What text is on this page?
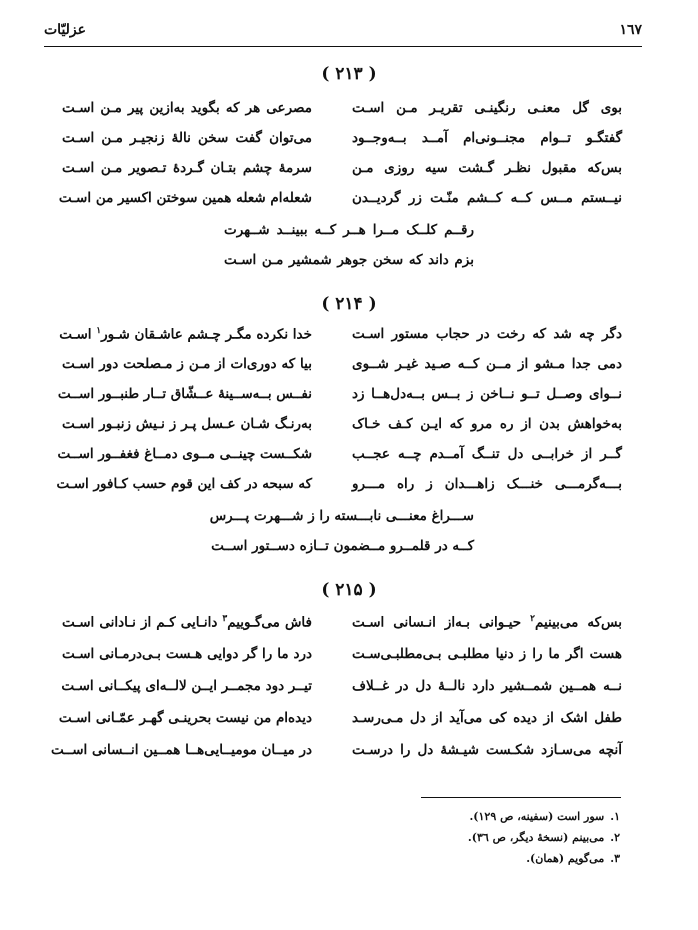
١٦٧
عزلیّات
( ۲۱۳ )
بوی گل معنـی رنگینـی تقریـر مـن اسـت
مصرعی هر که بگوید به‌ازین پیر مـن اسـت
گفتگـو تــوام مجنــونی‌ام آمــد بــه‌وجــود
می‌توان گفت سخن نالهٔ زنجیـر مـن اسـت
بس‌که مقبول نظـر گـشت سیه روزی مـن
سرمهٔ چشم بتـان گـردهٔ تـصویر مـن اسـت
نیــستم مــس کــه کــشم منّـت زر گردیــدن
شعله‌ام شعله همین سوختن اکسیر من اسـت
رقــم کلــک مــرا هــر کــه ببینــد شــهرت
بزم داند که سخن جوهر شمشیر مـن اسـت
( ۲۱۴ )
دگر چه شد که رخت در حجاب مستور اسـت
خدا نکرده مگـر چـشم عاشـقان شـور$^۱$ اسـت
دمی جدا مـشو از مــن کــه صـید غیـر شــوی
بیا که دوری‌ات از مـن ز مـصلحت دور اسـت
نــوای وصــل تــو نــاخن ز بــس بــه‌دل‌هــا زد
نفــس بــه‌ســینهٔ عــشّاق تــار طنبــور اســت
به‌خواهش بدن از ره مرو که ایـن کـف خـاک
به‌رنـگ شـان عـسل پـر ز نـیش زنبـور اسـت
گــر از خرابــی دل تنــگ آمــدم چــه عجــب
شکــست چینــی مــوی دمــاغ فغفــور اســت
بـــه‌گرمـــی خنـــک زاهـــدان ز راه مـــرو
که سبحه در کف این قوم حسب کـافور اسـت
ســـراغ معنـــی نابـــسته را ز شـــهرت پـــرس
کــه در قلمــرو مــضمون تــازه دســتور اســت
( ۲۱۵ )
بس‌که می‌بینیم$^۲$ حیـوانی بـه‌از انـسانی اسـت
فاش می‌گـوییم$^۳$ دانـایی کـم از نـادانی اسـت
هست اگر ما را ز دنیا مطلبـی بـی‌مطلبـی‌سـت
درد ما را گر دوایی هـست بـی‌درمـانی اسـت
نــه همــین شمــشیر دارد نالــهٔ دل در غــلاف
تیــر دود مجمــر ایــن لالــه‌ای پیکــانی اسـت
طفل اشک از دیده کی می‌آید از دل مـی‌رسـد
دیده‌ام من نیست بحرینـی گهـر عمّـانی اسـت
آنچه می‌سـازد شکـست شیـشهٔ دل را درسـت
در میــان مومیــایی‌هــا همــین انــسانی اســت
۱.سور است (سفینه، ص ۱۲۹).
۲.می‌بینم (نسخهٔ دیگر، ص ۳٦).
۳.می‌گویم (همان).
